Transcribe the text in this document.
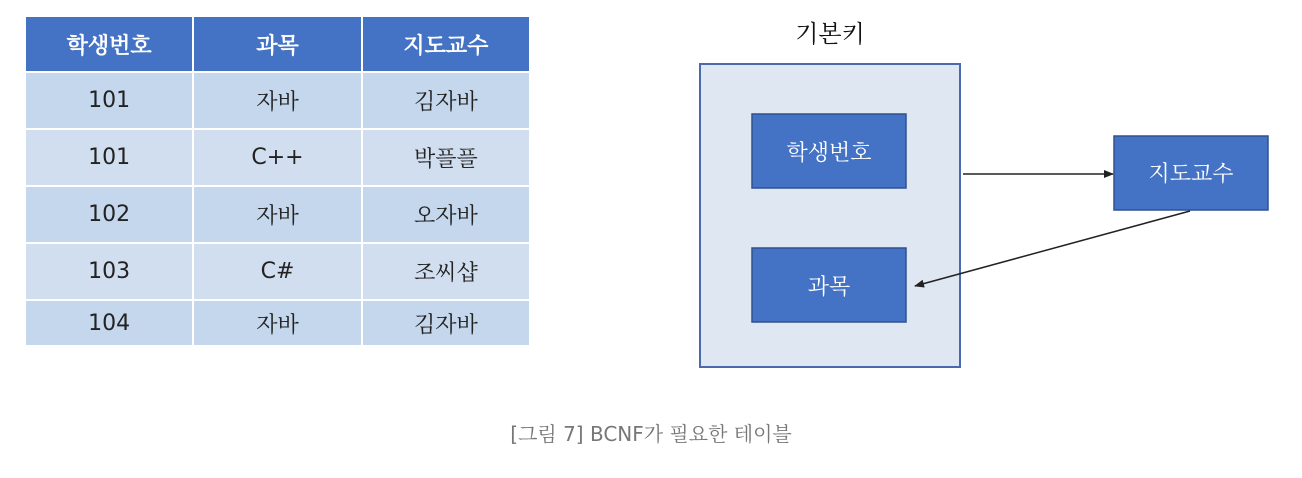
학생번호	과목	지도교수
101	자바	김자바
101	C++	박플플
102	자바	오자바
103	C#	조씨샵
104	자바	김자바
기본키
학생번호
과목
지도교수
[그림 7] BCNF가 필요한 테이블
